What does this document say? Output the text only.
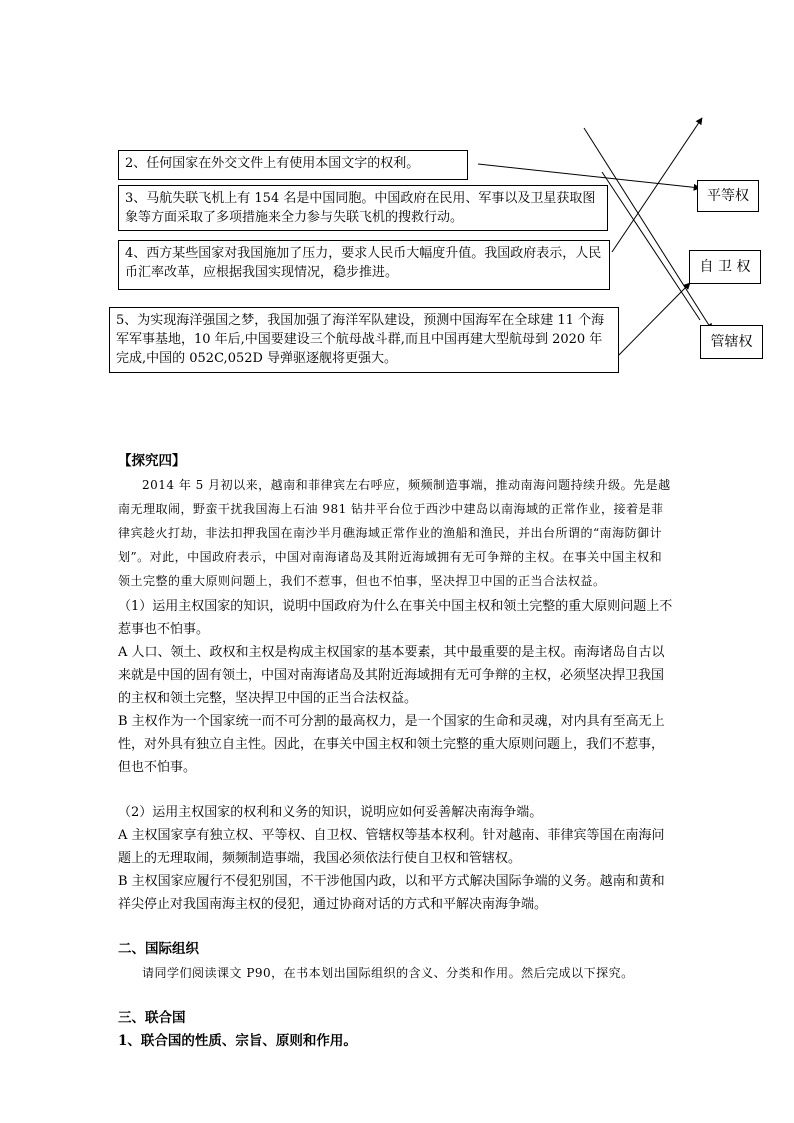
2、任何国家在外交文件上有使用本国文字的权利。
3、马航失联飞机上有 154 名是中国同胞。中国政府在民用、军事以及卫星获取图象等方面采取了多项措施来全力参与失联飞机的搜救行动。
4、西方某些国家对我国施加了压力，要求人民币大幅度升值。我国政府表示，人民币汇率改革，应根据我国实现情况，稳步推进。
5、为实现海洋强国之梦，我国加强了海洋军队建设，预测中国海军在全球建 11 个海军军事基地，10 年后,中国要建设三个航母战斗群,而且中国再建大型航母到 2020 年完成,中国的 052C,052D 导弹驱逐舰将更强大。
平等权
自 卫 权
管辖权
【探究四】
2014 年 5 月初以来，越南和菲律宾左右呼应，频频制造事端，推动南海问题持续升级。先是越南无理取闹，野蛮干扰我国海上石油 981 钻井平台位于西沙中建岛以南海域的正常作业，接着是菲律宾趁火打劫，非法扣押我国在南沙半月礁海域正常作业的渔船和渔民，并出台所谓的“南海防御计划”。对此，中国政府表示，中国对南海诸岛及其附近海域拥有无可争辩的主权。在事关中国主权和领土完整的重大原则问题上，我们不惹事，但也不怕事，坚决捍卫中国的正当合法权益。
（1）运用主权国家的知识，说明中国政府为什么在事关中国主权和领土完整的重大原则问题上不惹事也不怕事。
A 人口、领土、政权和主权是构成主权国家的基本要素，其中最重要的是主权。南海诸岛自古以来就是中国的固有领土，中国对南海诸岛及其附近海域拥有无可争辩的主权，必须坚决捍卫我国的主权和领土完整，坚决捍卫中国的正当合法权益。
B 主权作为一个国家统一而不可分割的最高权力，是一个国家的生命和灵魂，对内具有至高无上性，对外具有独立自主性。因此，在事关中国主权和领土完整的重大原则问题上，我们不惹事，但也不怕事。
（2）运用主权国家的权利和义务的知识，说明应如何妥善解决南海争端。
A 主权国家享有独立权、平等权、自卫权、管辖权等基本权利。针对越南、菲律宾等国在南海问题上的无理取闹，频频制造事端，我国必须依法行使自卫权和管辖权。
B 主权国家应履行不侵犯别国，不干涉他国内政，以和平方式解决国际争端的义务。越南和黄和祥尖停止对我国南海主权的侵犯，通过协商对话的方式和平解决南海争端。
二、国际组织
请同学们阅读课文 P90，在书本划出国际组织的含义、分类和作用。然后完成以下探究。
三、联合国
1、联合国的性质、宗旨、原则和作用。
